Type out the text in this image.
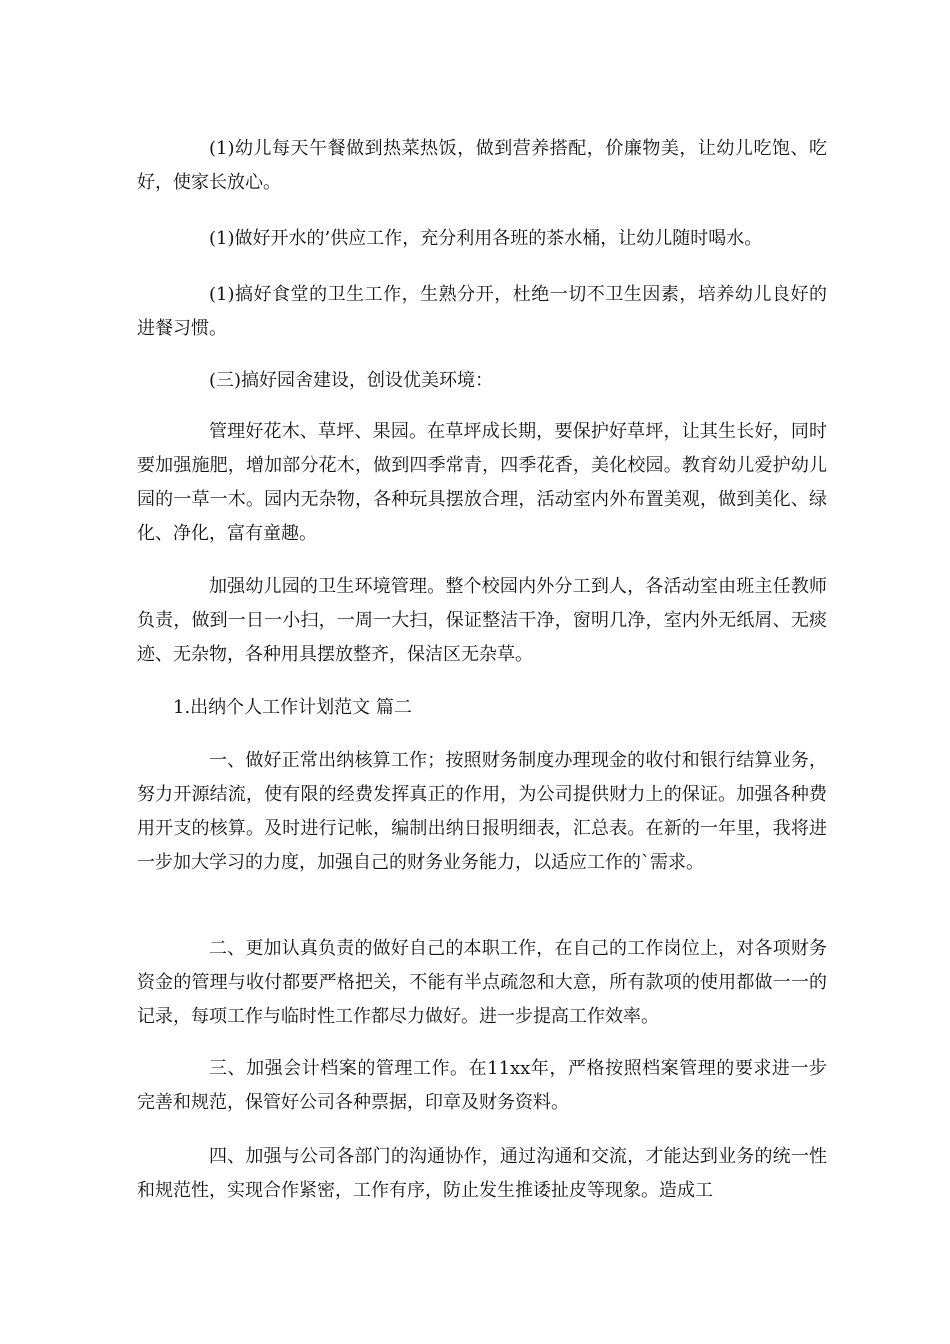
(1)幼儿每天午餐做到热菜热饭，做到营养搭配，价廉物美，让幼儿吃饱、吃好，使家长放心。

(1)做好开水的’供应工作，充分利用各班的茶水桶，让幼儿随时喝水。

(1)搞好食堂的卫生工作，生熟分开，杜绝一切不卫生因素，培养幼儿良好的进餐习惯。

(三)搞好园舍建设，创设优美环境：

管理好花木、草坪、果园。在草坪成长期，要保护好草坪，让其生长好，同时要加强施肥，增加部分花木，做到四季常青，四季花香，美化校园。教育幼儿爱护幼儿园的一草一木。园内无杂物，各种玩具摆放合理，活动室内外布置美观，做到美化、绿化、净化，富有童趣。

加强幼儿园的卫生环境管理。整个校园内外分工到人，各活动室由班主任教师负责，做到一日一小扫，一周一大扫，保证整洁干净，窗明几净，室内外无纸屑、无痰迹、无杂物，各种用具摆放整齐，保洁区无杂草。

1.出纳个人工作计划范文 篇二

一、做好正常出纳核算工作；按照财务制度办理现金的收付和银行结算业务，努力开源结流，使有限的经费发挥真正的作用，为公司提供财力上的保证。加强各种费用开支的核算。及时进行记帐，编制出纳日报明细表，汇总表。在新的一年里，我将进一步加大学习的力度，加强自己的财务业务能力，以适应工作的`需求。

二、更加认真负责的做好自己的本职工作，在自己的工作岗位上，对各项财务资金的管理与收付都要严格把关，不能有半点疏忽和大意，所有款项的使用都做一一的记录，每项工作与临时性工作都尽力做好。进一步提高工作效率。

三、加强会计档案的管理工作。在11xx年，严格按照档案管理的要求进一步完善和规范，保管好公司各种票据，印章及财务资料。

四、加强与公司各部门的沟通协作，通过沟通和交流，才能达到业务的统一性和规范性，实现合作紧密，工作有序，防止发生推诿扯皮等现象。造成工
